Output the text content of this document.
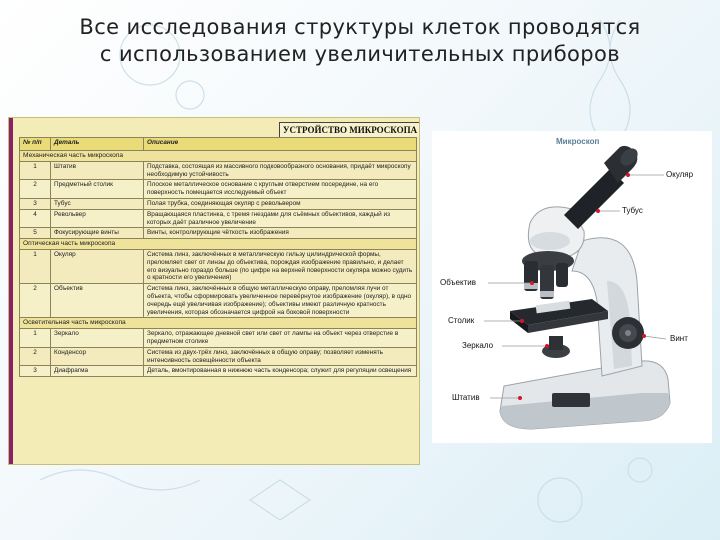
Все исследования структуры клеток проводятся
с использованием увеличительных приборов
УСТРОЙСТВО МИКРОСКОПА
№ п/п	Деталь	Описание
Механическая часть микроскопа		
1	Штатив	Подставка, состоящая из массивного подковообразного основания, придаёт микроскопу необходимую устойчивость
2	Предметный столик	Плоское металлическое основание с круглым отверстием посередине, на его поверхность помещается исследуемый объект
3	Тубус	Полая трубка, соединяющая окуляр с револьвером
4	Револьвер	Вращающаяся пластинка, с тремя гнездами для съёмных объективов, каждый из которых даёт различное увеличение
5	Фокусирующие винты	Винты, контролирующие чёткость изображения
Оптическая часть микроскопа		
1	Окуляр	Система линз, заключённых в металлическую гильзу цилиндрической формы, преломляет свет от линзы до объектива, порождая изображение правильно, и делает его визуально гораздо больше (по цифре на верхней поверхности окуляра можно судить о кратности его увеличения)
2	Объектив	Система линз, заключённых в общую металлическую оправу, преломляя лучи от объекта, чтобы сформировать увеличенное перевёрнутое изображение (окуляр), в одно очередь ещё увеличивая изображение); объективы имеют различную кратность увеличения, которая обозначается цифрой на боковой поверхности
Осветительная часть микроскопа		
1	Зеркало	Зеркало, отражающее дневной свет или свет от лампы на объект через отверстие в предметном столике
2	Конденсор	Система из двух-трёх линз, заключённых в общую оправу; позволяет изменять интенсивность освещённости объекта
3	Диафрагма	Деталь, вмонтированная в нижнюю часть конденсора; служит для регуляции освещения
Микроскоп
Окуляр
Тубус
Объектив
Столик
Зеркало
Винт
Штатив
